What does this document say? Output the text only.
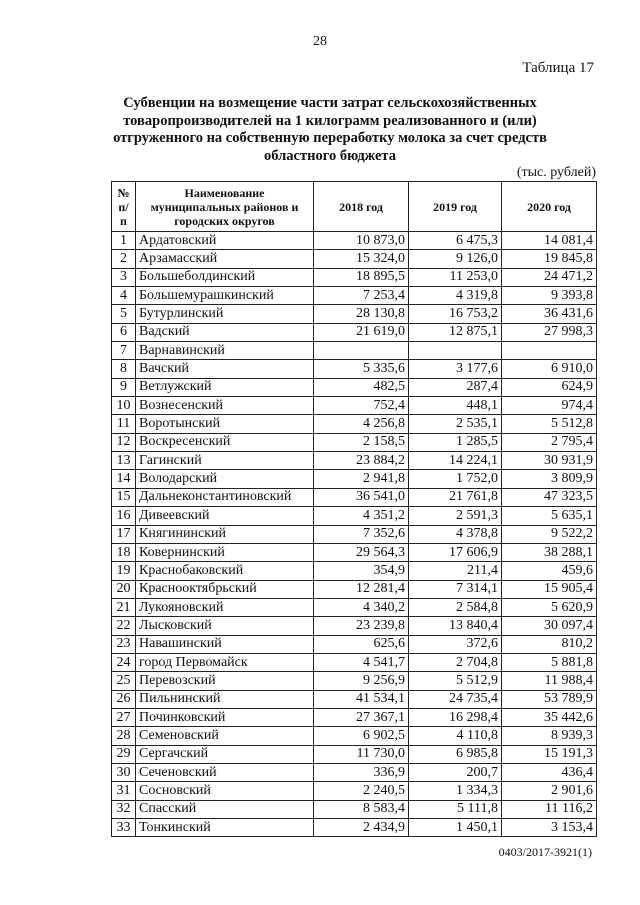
28
Таблица 17
Субвенции на возмещение части затрат сельскохозяйственных товаропроизводителей на 1 килограмм реализованного и (или) отгруженного на собственную переработку молока за счет средств областного бюджета
(тыс. рублей)
№ п/п	Наименование муниципальных районов и городских округов	2018 год	2019 год	2020 год
1	Ардатовский	10 873,0	6 475,3	14 081,4
2	Арзамасский	15 324,0	9 126,0	19 845,8
3	Большеболдинский	18 895,5	11 253,0	24 471,2
4	Большемурашкинский	7 253,4	4 319,8	9 393,8
5	Бутурлинский	28 130,8	16 753,2	36 431,6
6	Вадский	21 619,0	12 875,1	27 998,3
7	Варнавинский			
8	Вачский	5 335,6	3 177,6	6 910,0
9	Ветлужский	482,5	287,4	624,9
10	Вознесенский	752,4	448,1	974,4
11	Воротынский	4 256,8	2 535,1	5 512,8
12	Воскресенский	2 158,5	1 285,5	2 795,4
13	Гагинский	23 884,2	14 224,1	30 931,9
14	Володарский	2 941,8	1 752,0	3 809,9
15	Дальнеконстантиновский	36 541,0	21 761,8	47 323,5
16	Дивеевский	4 351,2	2 591,3	5 635,1
17	Княгининский	7 352,6	4 378,8	9 522,2
18	Ковернинский	29 564,3	17 606,9	38 288,1
19	Краснобаковский	354,9	211,4	459,6
20	Краснооктябрьский	12 281,4	7 314,1	15 905,4
21	Лукояновский	4 340,2	2 584,8	5 620,9
22	Лысковский	23 239,8	13 840,4	30 097,4
23	Навашинский	625,6	372,6	810,2
24	город Первомайск	4 541,7	2 704,8	5 881,8
25	Перевозский	9 256,9	5 512,9	11 988,4
26	Пильнинский	41 534,1	24 735,4	53 789,9
27	Починковский	27 367,1	16 298,4	35 442,6
28	Семеновский	6 902,5	4 110,8	8 939,3
29	Сергачский	11 730,0	6 985,8	15 191,3
30	Сеченовский	336,9	200,7	436,4
31	Сосновский	2 240,5	1 334,3	2 901,6
32	Спасский	8 583,4	5 111,8	11 116,2
33	Тонкинский	2 434,9	1 450,1	3 153,4
0403/2017-3921(1)
